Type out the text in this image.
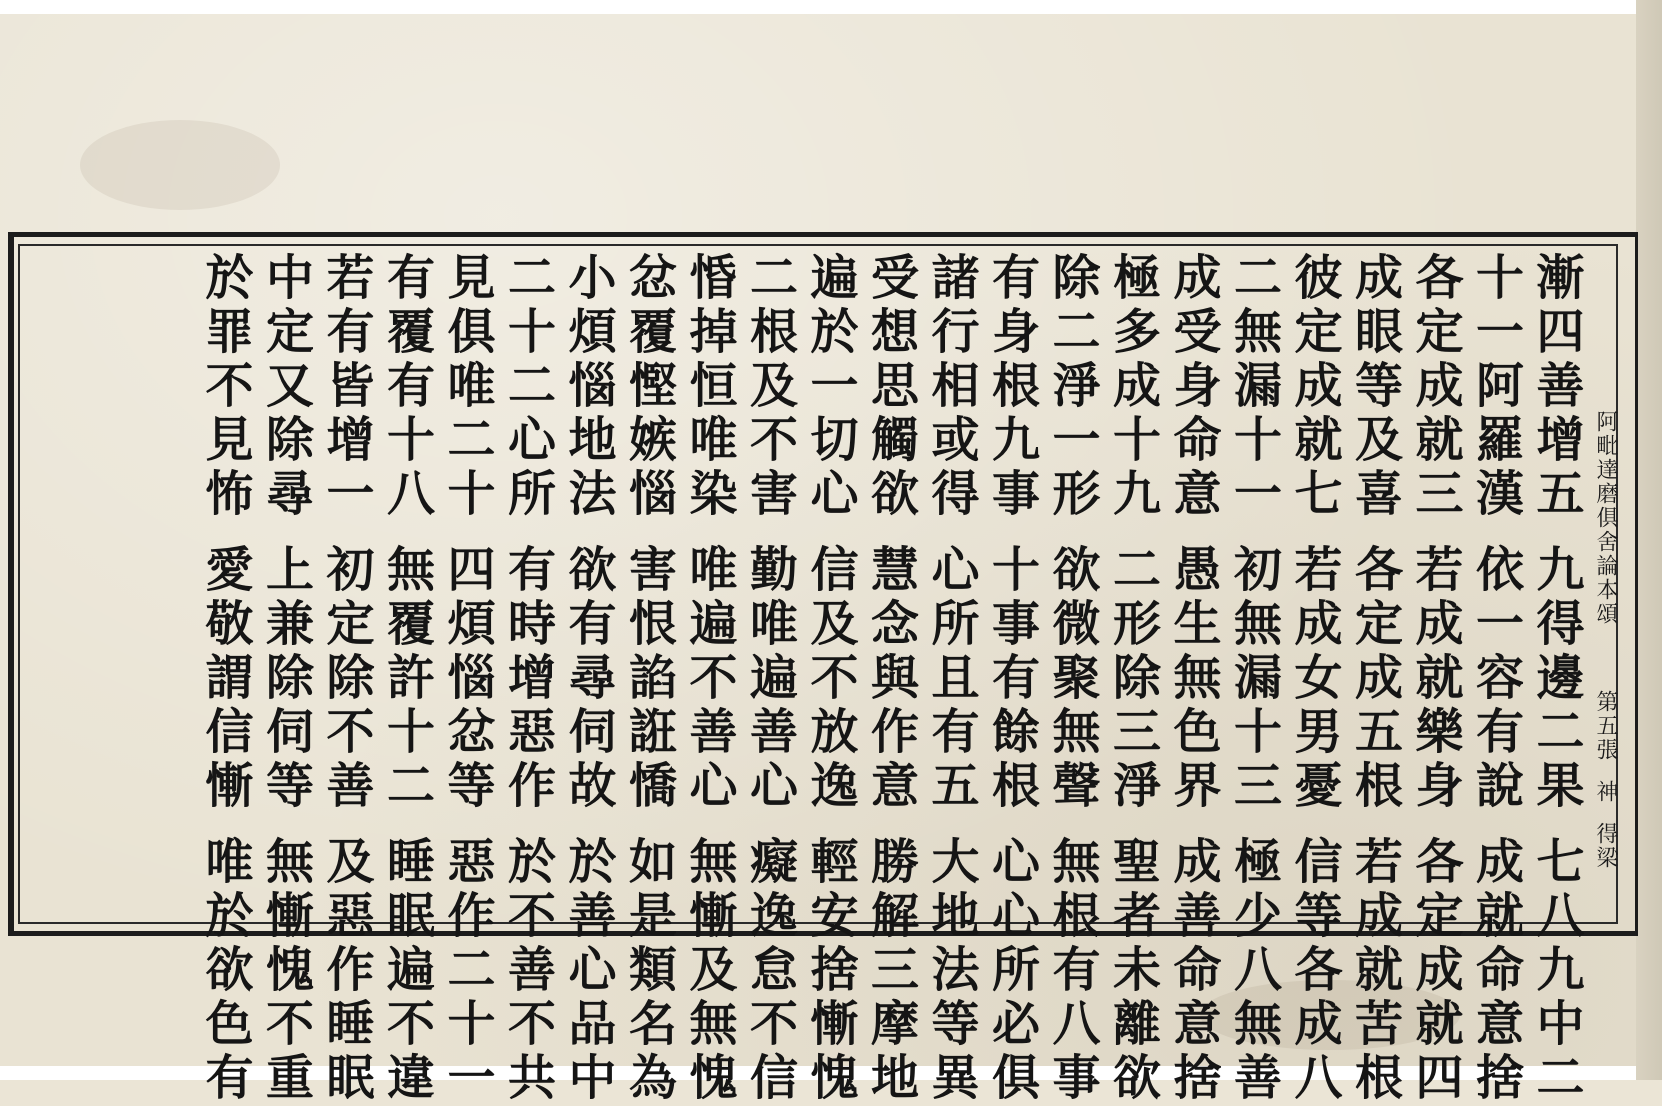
阿毗達磨俱舍論本頌
第五張神得梁
漸四善增五九得邊二果七八九中二
十一阿羅漢依一容有說成就命意捨
各定成就三若成就樂身各定成就四
成眼等及喜各定成五根若成就苦根
彼定成就七若成女男憂信等各成八
二無漏十一初無漏十三極少八無善
成受身命意愚生無色界成善命意捨
極多成十九二形除三淨聖者未離欲
除二淨一形欲微聚無聲無根有八事
有身根九事十事有餘根心心所必俱
諸行相或得心所且有五大地法等異
受想思觸欲慧念與作意勝解三摩地
遍於一切心信及不放逸輕安捨慚愧
二根及不害勤唯遍善心癡逸怠不信
惛掉恒唯染唯遍不善心無慚及無愧
忿覆慳嫉惱害恨諂誑憍如是類名為
小煩惱地法欲有尋伺故於善心品中
二十二心所有時增惡作於不善不共
見俱唯二十四煩惱忿等惡作二十一
有覆有十八無覆許十二睡眠遍不違
若有皆增一初定除不善及惡作睡眠
中定又除尋上兼除伺等無慚愧不重
於罪不見怖愛敬謂信慚唯於欲色有
